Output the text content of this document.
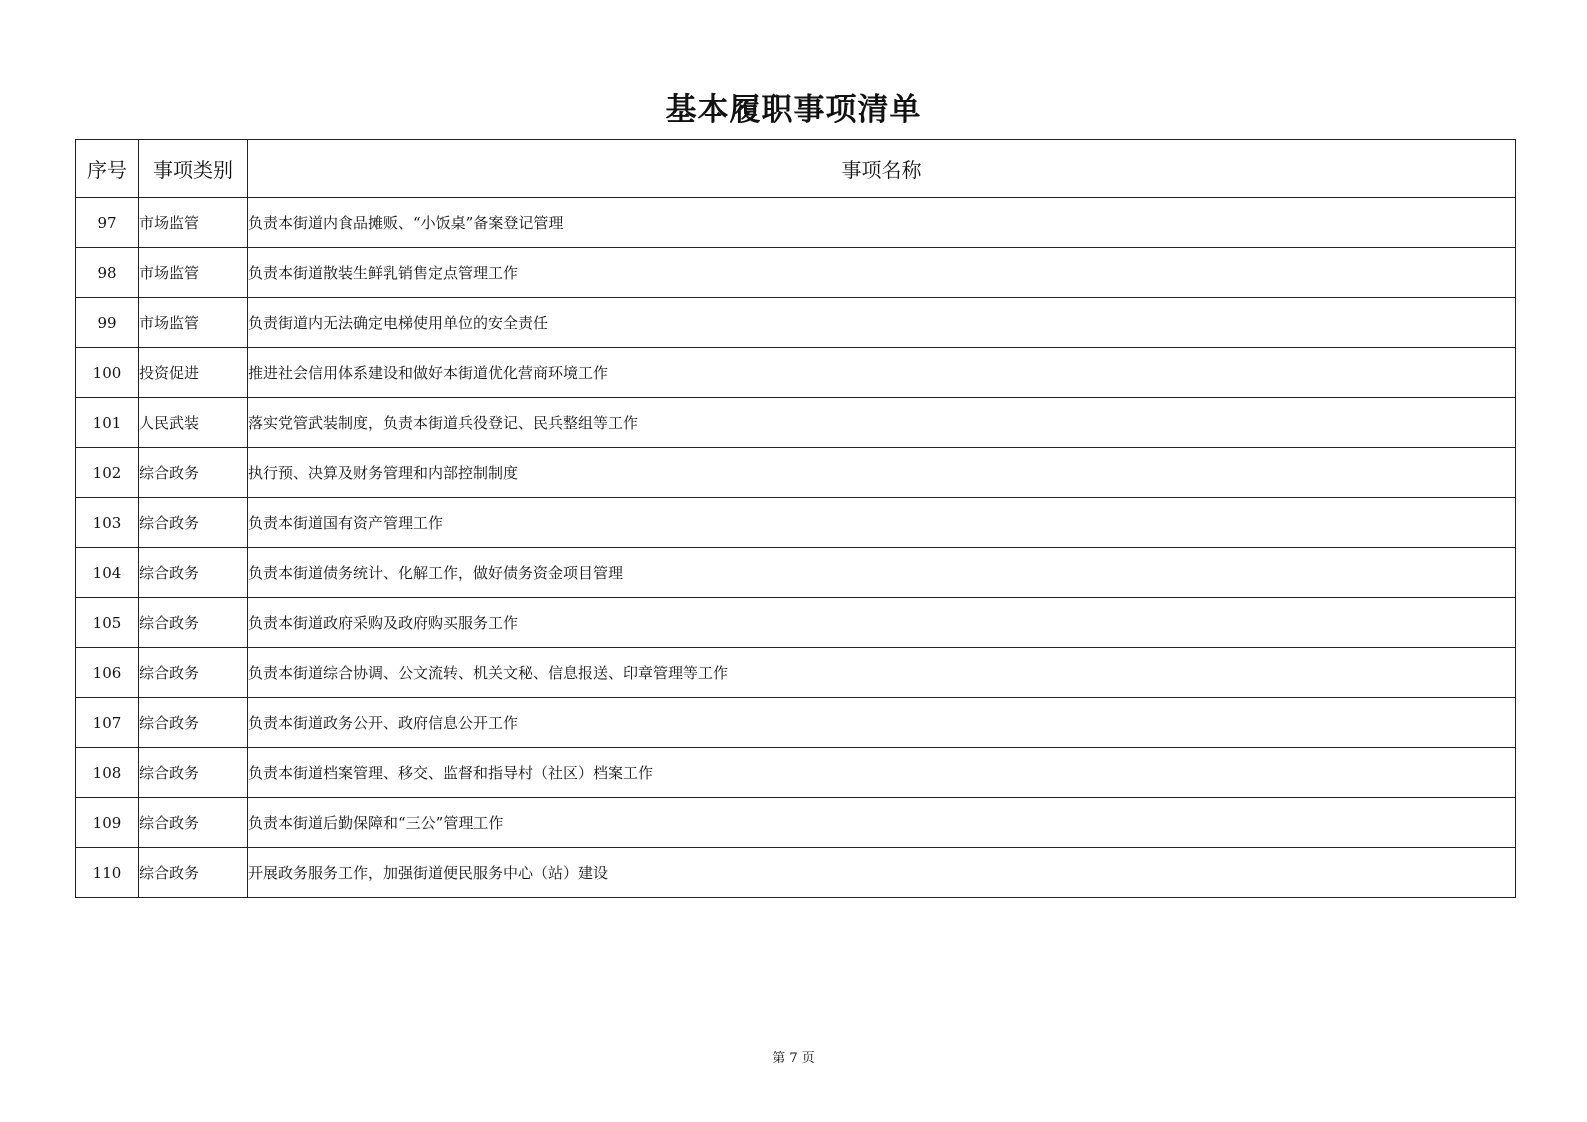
基本履职事项清单
序号	事项类别	事项名称
97	市场监管	负责本街道内食品摊贩、“小饭桌”备案登记管理
98	市场监管	负责本街道散装生鲜乳销售定点管理工作
99	市场监管	负责街道内无法确定电梯使用单位的安全责任
100	投资促进	推进社会信用体系建设和做好本街道优化营商环境工作
101	人民武装	落实党管武装制度，负责本街道兵役登记、民兵整组等工作
102	综合政务	执行预、决算及财务管理和内部控制制度
103	综合政务	负责本街道国有资产管理工作
104	综合政务	负责本街道债务统计、化解工作，做好债务资金项目管理
105	综合政务	负责本街道政府采购及政府购买服务工作
106	综合政务	负责本街道综合协调、公文流转、机关文秘、信息报送、印章管理等工作
107	综合政务	负责本街道政务公开、政府信息公开工作
108	综合政务	负责本街道档案管理、移交、监督和指导村（社区）档案工作
109	综合政务	负责本街道后勤保障和“三公”管理工作
110	综合政务	开展政务服务工作，加强街道便民服务中心（站）建设
第 7 页
